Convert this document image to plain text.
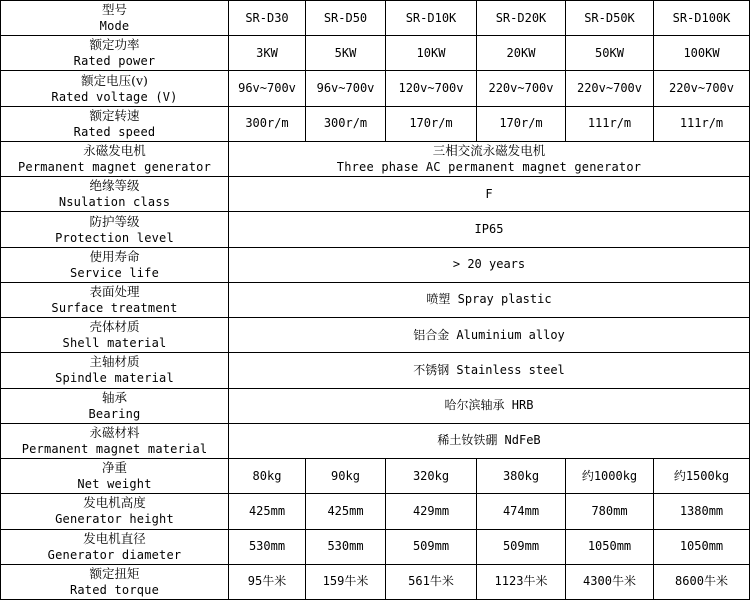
型号
Mode	SR-D30	SR-D50	SR-D10K	SR-D20K	SR-D50K	SR-D100K

额定功率
Rated power	3KW	5KW	10KW	20KW	50KW	100KW

额定电压(v)
Rated voltage (V)	96v~700v	96v~700v	120v~700v	220v~700v	220v~700v	220v~700v

额定转速
Rated speed	300r/m	300r/m	170r/m	170r/m	111r/m	111r/m

永磁发电机
Permanent magnet generator	三相交流永磁发电机
Three phase AC permanent magnet generator					

绝缘等级
Nsulation class	F					

防护等级
Protection level	IP65					

使用寿命
Service life	> 20 years					

表面处理
Surface treatment	喷塑 Spray plastic					

壳体材质
Shell material	铝合金 Aluminium alloy					

主轴材质
Spindle material	不锈钢 Stainless steel					

轴承
Bearing	哈尔滨轴承 HRB					

永磁材料
Permanent magnet material	稀土钕铁硼 NdFeB					

净重
Net weight	80kg	90kg	320kg	380kg	约1000kg	约1500kg

发电机高度
Generator height	425mm	425mm	429mm	474mm	780mm	1380mm

发电机直径
Generator diameter	530mm	530mm	509mm	509mm	1050mm	1050mm

额定扭矩
Rated torque	95牛米	159牛米	561牛米	1123牛米	4300牛米	8600牛米
